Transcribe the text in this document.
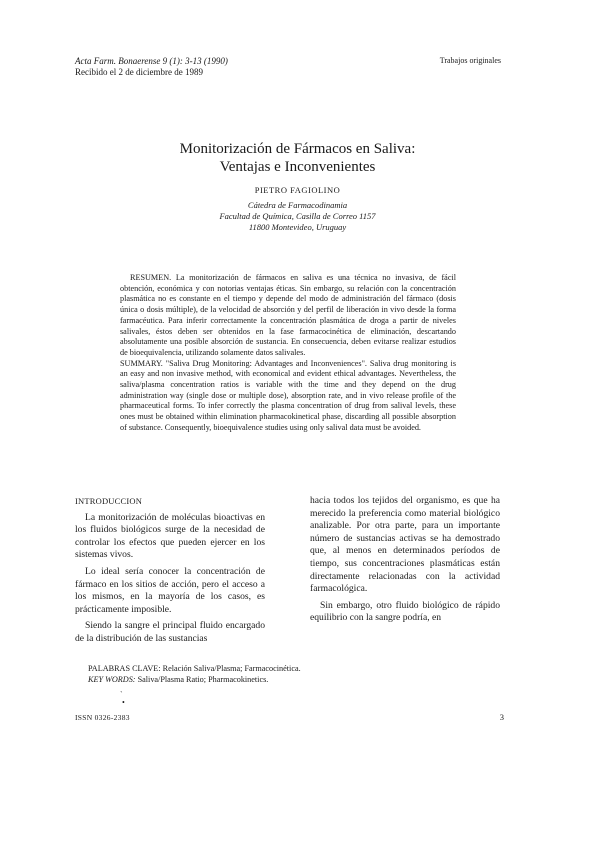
Acta Farm. Bonaerense 9 (1): 3-13 (1990)
Recibido el 2 de diciembre de 1989
Trabajos originales
Monitorización de Fármacos en Saliva:
Ventajas e Inconvenientes
PIETRO FAGIOLINO
Cátedra de Farmacodinamia
Facultad de Química, Casilla de Correo 1157
11800 Montevideo, Uruguay

RESUMEN. La monitorización de fármacos en saliva es una técnica no invasiva, de fácil obtención, económica y con notorias ventajas éticas. Sin embargo, su relación con la concentración plasmática no es constante en el tiempo y depende del modo de administración del fármaco (dosis única o dosis múltiple), de la velocidad de absorción y del perfil de liberación in vivo desde la forma farmacéutica. Para inferir correctamente la concentración plasmática de droga a partir de niveles salivales, éstos deben ser obtenidos en la fase farmacocinética de eliminación, descartando absolutamente una posible absorción de sustancia. En consecuencia, deben evitarse realizar estudios de bioequivalencia, utilizando solamente datos salivales.

SUMMARY. "Saliva Drug Monitoring: Advantages and Inconveniences". Saliva drug monitoring is an easy and non invasive method, with economical and evident ethical advantages. Nevertheless, the saliva/plasma concentration ratios is variable with the time and they depend on the drug administration way (single dose or multiple dose), absorption rate, and in vivo release profile of the pharmaceutical forms. To infer correctly the plasma concentration of drug from salival levels, these ones must be obtained within elimination pharmacokinetical phase, discarding all possible absorption of substance. Consequently, bioequivalence studies using only salival data must be avoided.

INTRODUCCION

La monitorización de moléculas bioactivas en los fluidos biológicos surge de la necesidad de controlar los efectos que pueden ejercer en los sistemas vivos.

Lo ideal sería conocer la concentración de fármaco en los sitios de acción, pero el acceso a los mismos, en la mayoría de los casos, es prácticamente imposible.

Siendo la sangre el principal fluido encargado de la distribución de las sustancias

hacia todos los tejidos del organismo, es que ha merecido la preferencia como material biológico analizable. Por otra parte, para un importante número de sustancias activas se ha demostrado que, al menos en determinados períodos de tiempo, sus concentraciones plasmáticas están directamente relacionadas con la actividad farmacológica.

Sin embargo, otro fluido biológico de rápido equilibrio con la sangre podría, en

PALABRAS CLAVE: Relación Saliva/Plasma; Farmacocinética.
KEY WORDS: Saliva/Plasma Ratio; Pharmacokinetics.
`
•
ISSN 0326-2383	3
